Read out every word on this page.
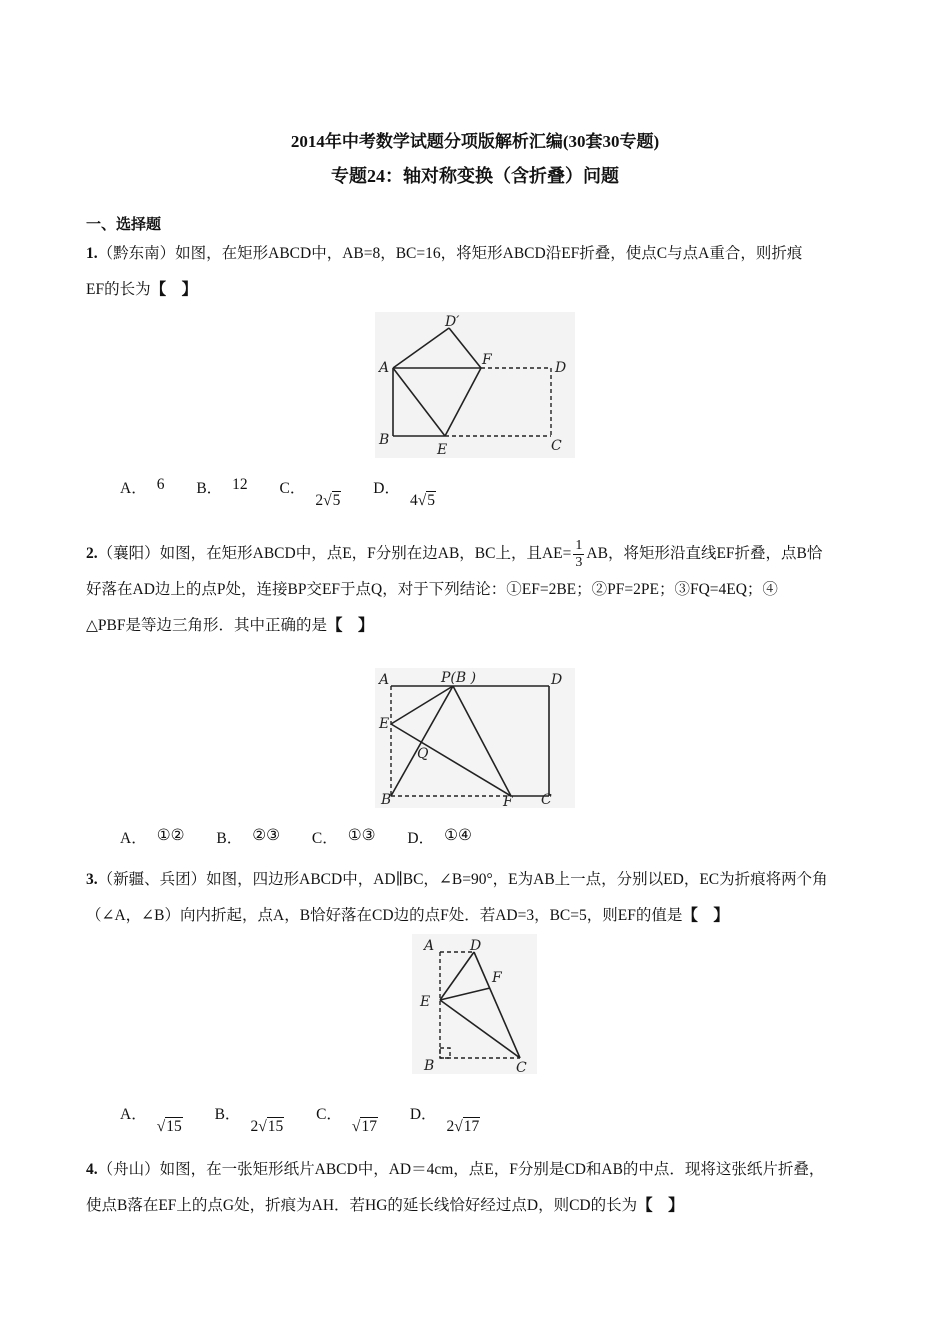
2014年中考数学试题分项版解析汇编(30套30专题)
专题24：轴对称变换（含折叠）问题
一、选择题
1.（黔东南）如图，在矩形ABCD中，AB=8，BC=16，将矩形ABCD沿EF折叠，使点C与点A重合，则折痕
EF的长为【　】
A
B	C
D
D′
E
F
A． 6 B． 12 C．2√5 D．4√5
2.（襄阳）如图，在矩形ABCD中，点E，F分别在边AB，BC上，且$AE= \frac{1}{3}$ AB，将矩形沿直线EF折叠，点B恰
好落在AD边上的点P处，连接BP交EF于点Q，对于下列结论：①EF=2BE；②PF=2PE；③FQ=4EQ；④
△PBF是等边三角形．其中正确的是【　】
A
E
B
P(B )	D
Q
F C
A． ①② B． ②③ C． ①③ D． ①④
3.（新疆、兵团）如图，四边形ABCD中，AD∥BC，∠B=90°，E为AB上一点，分别以ED，EC为折痕将两个角
（∠A，∠B）向内折起，点A，B恰好落在CD边的点F处．若AD=3，BC=5，则EF的值是【　】
A	D
F
E
B	C
A．√15 B．2√15 C．√17 D．2√17
4.（舟山）如图，在一张矩形纸片ABCD中，AD＝4cm，点E，F分别是CD和AB的中点．现将这张纸片折叠，
使点B落在EF上的点G处，折痕为AH．若HG的延长线恰好经过点D，则CD的长为【　】
